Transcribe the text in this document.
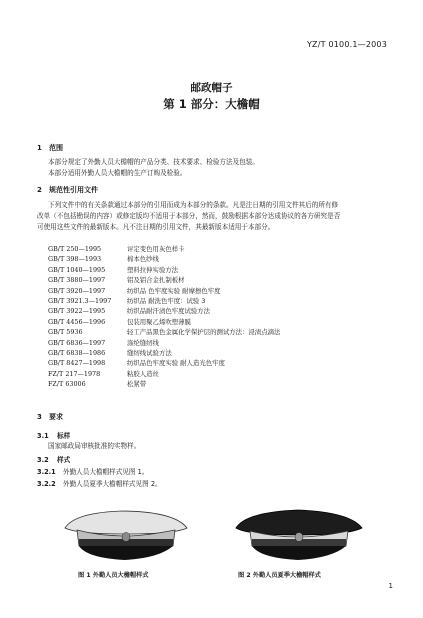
YZ/T 0100.1—2003
邮政帽子
第 1 部分：大檐帽
1 范围
本部分规定了外勤人员大檐帽的产品分类、技术要求、检验方法及包装。
本部分适用外勤人员大檐帽的生产订购及检验。
2 规范性引用文件
下列文件中的有关条款通过本部分的引用而成为本部分的条款。凡是注日期的引用文件其后的所有修
改单（不包括勘误的内容）或修定版均不适用于本部分，然而，鼓励根据本部分达成协议的各方研究是否
可使用这些文件的最新版本。凡不注日期的引用文件，其最新版本适用于本部分。
GB/T 250—1995	评定变色用灰色样卡
GB/T 398—1993	棉本色纱线
GB/T 1040—1995	塑料拉伸实验方法
GB/T 3880—1997	铝及铝合金扎制板材
GB/T 3920—1997	纺织品 色牢度实验 耐摩擦色牢度
GB/T 3921.3—1997 纺织品 耐洗色牢度：试验 3
GB/T 3922—1995	纺织品耐汗渍色牢度试验方法
GB/T 4456—1996	包装用聚乙烯吹塑薄膜
GB/T 5936	轻工产品黑色金属化学保护层的测试方法：浸渍点滴法
GB/T 6836—1997	涤纶缝纫线
GB/T 6838—1986	缝纫线试验方法
GB/T 8427—1998	纺织品色牢度实验 耐人造光色牢度
FZ/T 217—1978	粘胶人造丝
FZ/T 63006	松紧带
3 要求
3.1 标样
国家邮政局审核批准的实物样。
3.2 样式
3.2.1 外勤人员大檐帽样式见图 1。
3.2.2 外勤人员夏季大檐帽样式见图 2。
图 1 外勤人员大檐帽样式	图 2 外勤人员夏季大檐帽样式
1
